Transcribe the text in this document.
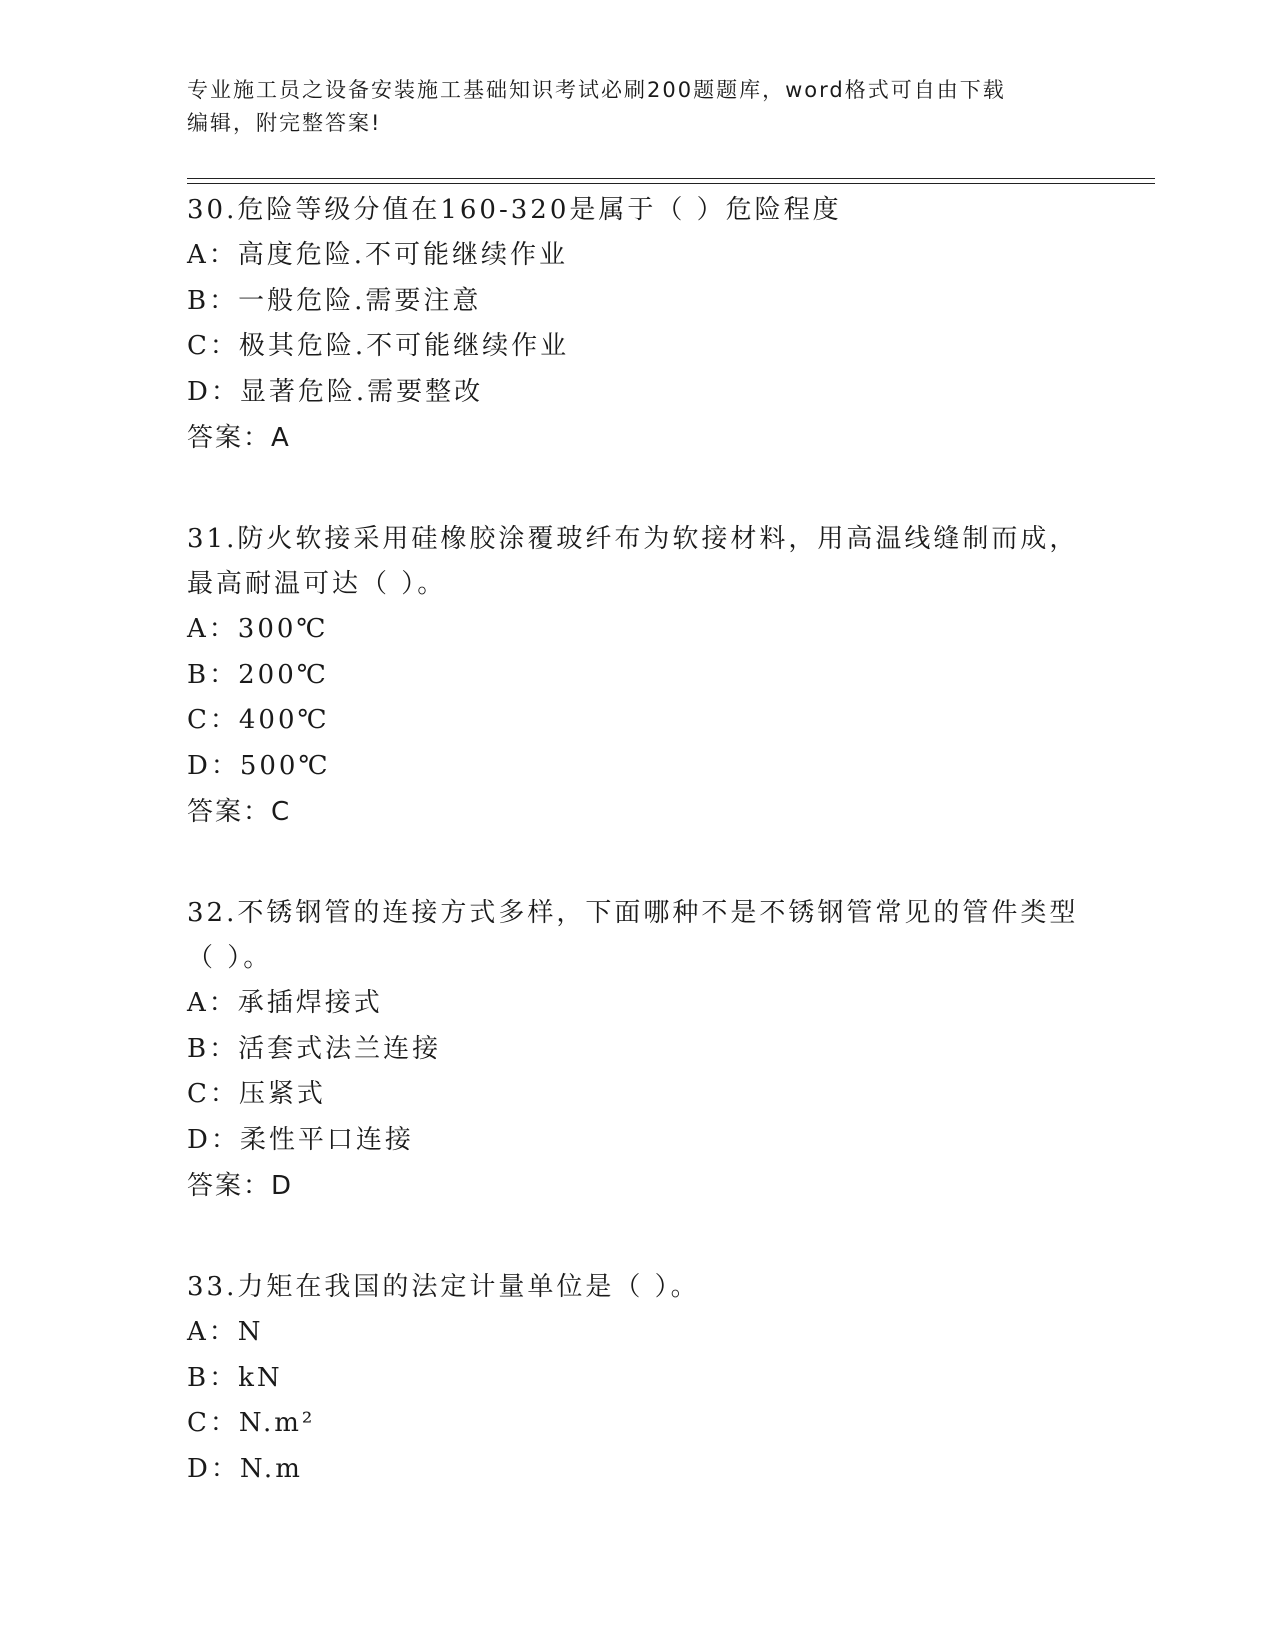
专业施工员之设备安装施工基础知识考试必刷200题题库，word格式可自由下载
编辑，附完整答案!
30.危险等级分值在160-320是属于（ ）危险程度
A：高度危险.不可能继续作业
B：一般危险.需要注意
C：极其危险.不可能继续作业
D：显著危险.需要整改
答案：A
31.防火软接采用硅橡胶涂覆玻纤布为软接材料，用高温线缝制而成，最高耐温可达（ ）。
A：300℃
B：200℃
C：400℃
D：500℃
答案：C
32.不锈钢管的连接方式多样，下面哪种不是不锈钢管常见的管件类型（ ）。
A：承插焊接式
B：活套式法兰连接
C：压紧式
D：柔性平口连接
答案：D
33.力矩在我国的法定计量单位是（ ）。
A：N
B：kN
C：N.m²
D：N.m
